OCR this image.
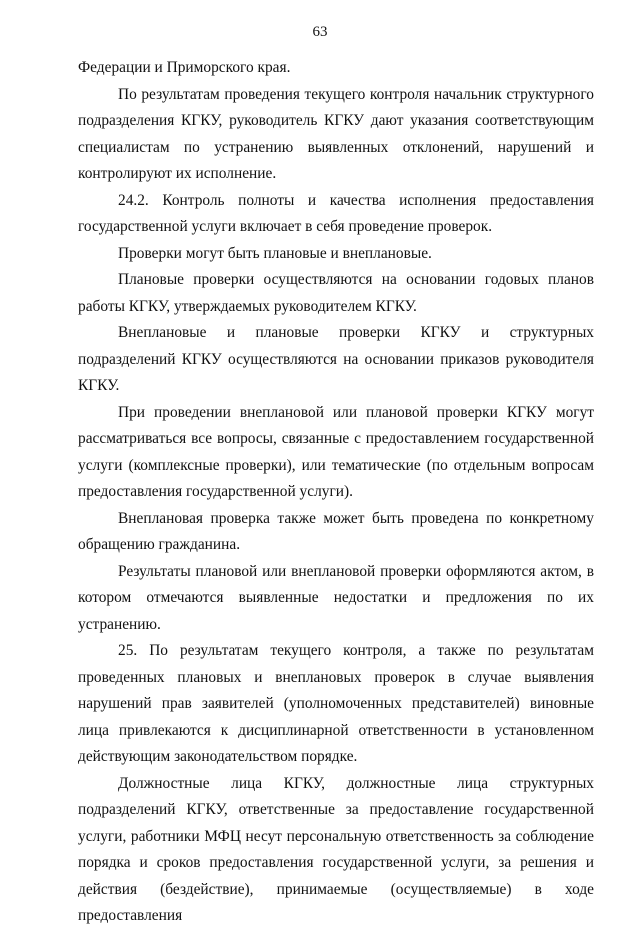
63

Федерации и Приморского края.

По результатам проведения текущего контроля начальник структурного подразделения КГКУ, руководитель КГКУ дают указания соответствующим специалистам по устранению выявленных отклонений, нарушений и контролируют их исполнение.

24.2. Контроль полноты и качества исполнения предоставления государственной услуги включает в себя проведение проверок.

Проверки могут быть плановые и внеплановые.

Плановые проверки осуществляются на основании годовых планов работы КГКУ, утверждаемых руководителем КГКУ.

Внеплановые и плановые проверки КГКУ и структурных подразделений КГКУ осуществляются на основании приказов руководителя КГКУ.

При проведении внеплановой или плановой проверки КГКУ могут рассматриваться все вопросы, связанные с предоставлением государственной услуги (комплексные проверки), или тематические (по отдельным вопросам предоставления государственной услуги).

Внеплановая проверка также может быть проведена по конкретному обращению гражданина.

Результаты плановой или внеплановой проверки оформляются актом, в котором отмечаются выявленные недостатки и предложения по их устранению.

25. По результатам текущего контроля, а также по результатам проведенных плановых и внеплановых проверок в случае выявления нарушений прав заявителей (уполномоченных представителей) виновные лица привлекаются к дисциплинарной ответственности в установленном действующим законодательством порядке.

Должностные лица КГКУ, должностные лица структурных подразделений КГКУ, ответственные за предоставление государственной услуги, работники МФЦ несут персональную ответственность за соблюдение порядка и сроков предоставления государственной услуги, за решения и действия (бездействие), принимаемые (осуществляемые) в ходе предоставления
